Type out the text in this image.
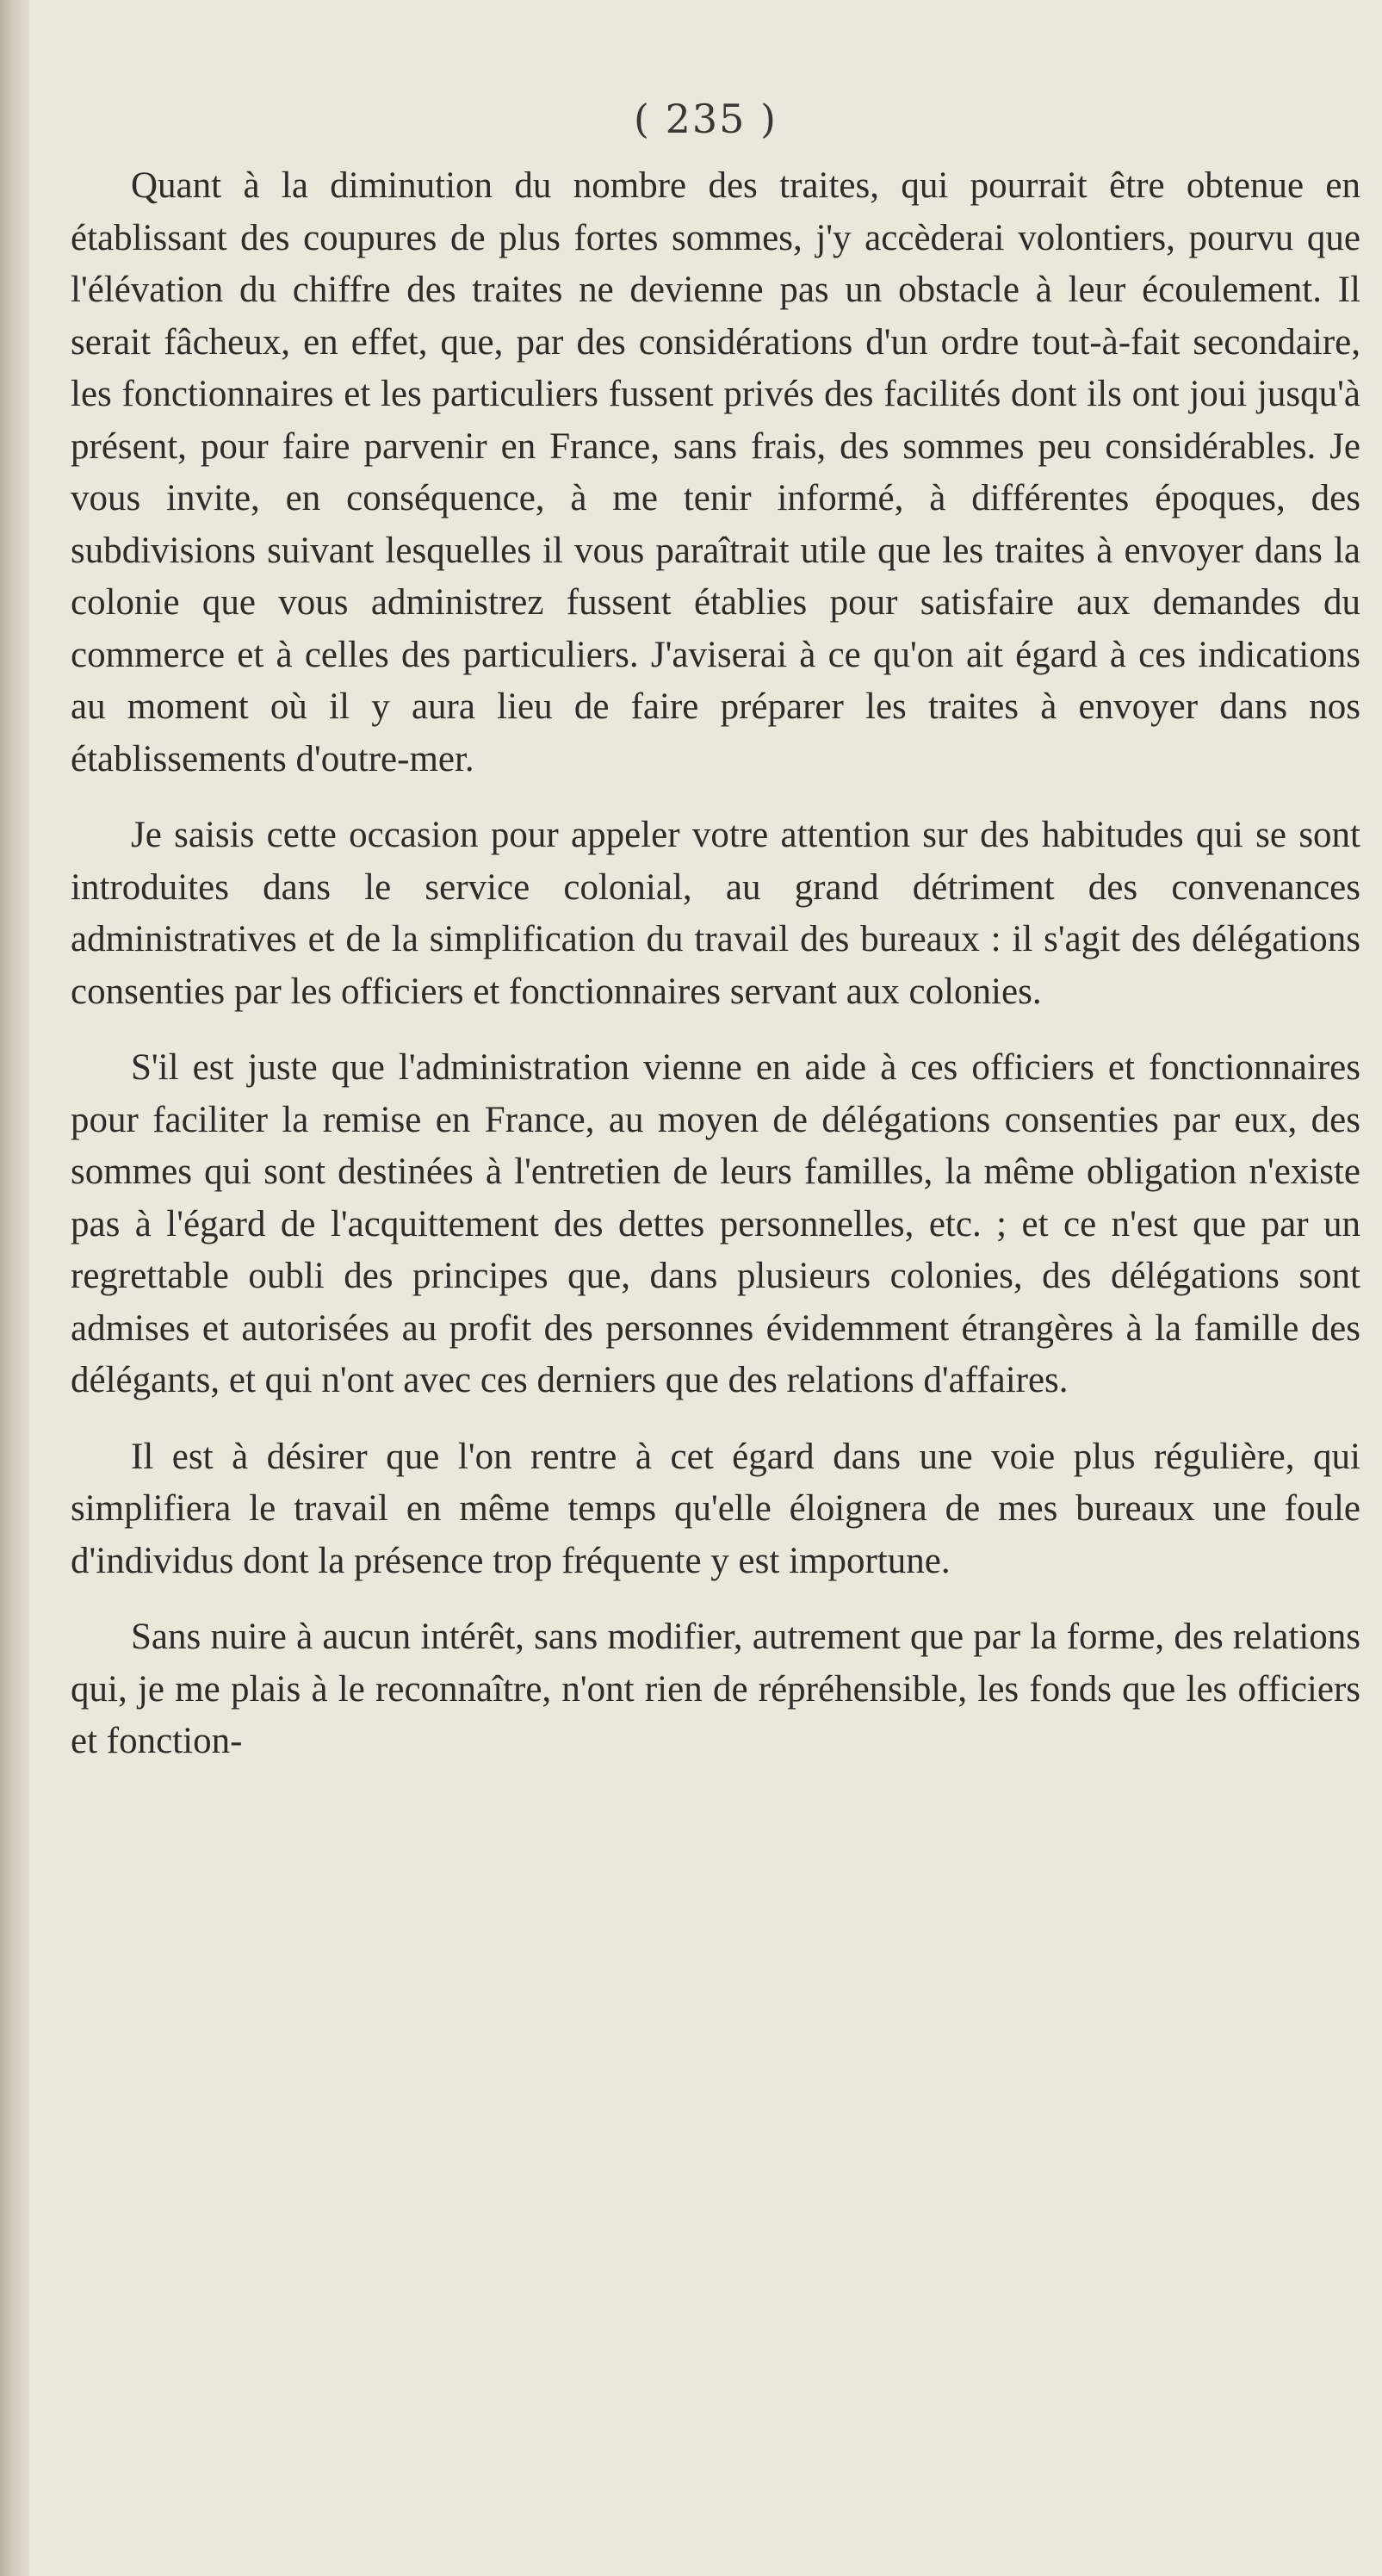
( 235 )

Quant à la diminution du nombre des traites, qui pourrait être obtenue en établissant des coupures de plus fortes sommes, j'y accèderai volontiers, pourvu que l'élévation du chiffre des traites ne devienne pas un obstacle à leur écoulement. Il serait fâcheux, en effet, que, par des considérations d'un ordre tout-à-fait secondaire, les fonctionnaires et les particuliers fussent privés des facilités dont ils ont joui jusqu'à présent, pour faire parvenir en France, sans frais, des sommes peu considérables. Je vous invite, en conséquence, à me tenir informé, à différentes époques, des subdivisions suivant lesquelles il vous paraîtrait utile que les traites à envoyer dans la colonie que vous administrez fussent établies pour satisfaire aux demandes du commerce et à celles des particuliers. J'aviserai à ce qu'on ait égard à ces indications au moment où il y aura lieu de faire préparer les traites à envoyer dans nos établissements d'outre-mer.

Je saisis cette occasion pour appeler votre attention sur des habitudes qui se sont introduites dans le service colonial, au grand détriment des convenances administratives et de la simplification du travail des bureaux : il s'agit des délégations consenties par les officiers et fonctionnaires servant aux colonies.

S'il est juste que l'administration vienne en aide à ces officiers et fonctionnaires pour faciliter la remise en France, au moyen de délégations consenties par eux, des sommes qui sont destinées à l'entretien de leurs familles, la même obligation n'existe pas à l'égard de l'acquittement des dettes personnelles, etc. ; et ce n'est que par un regrettable oubli des principes que, dans plusieurs colonies, des délégations sont admises et autorisées au profit des personnes évidemment étrangères à la famille des délégants, et qui n'ont avec ces derniers que des relations d'affaires.

Il est à désirer que l'on rentre à cet égard dans une voie plus régulière, qui simplifiera le travail en même temps qu'elle éloignera de mes bureaux une foule d'individus dont la présence trop fréquente y est importune.

Sans nuire à aucun intérêt, sans modifier, autrement que par la forme, des relations qui, je me plais à le reconnaître, n'ont rien de répréhensible, les fonds que les officiers et fonction-
